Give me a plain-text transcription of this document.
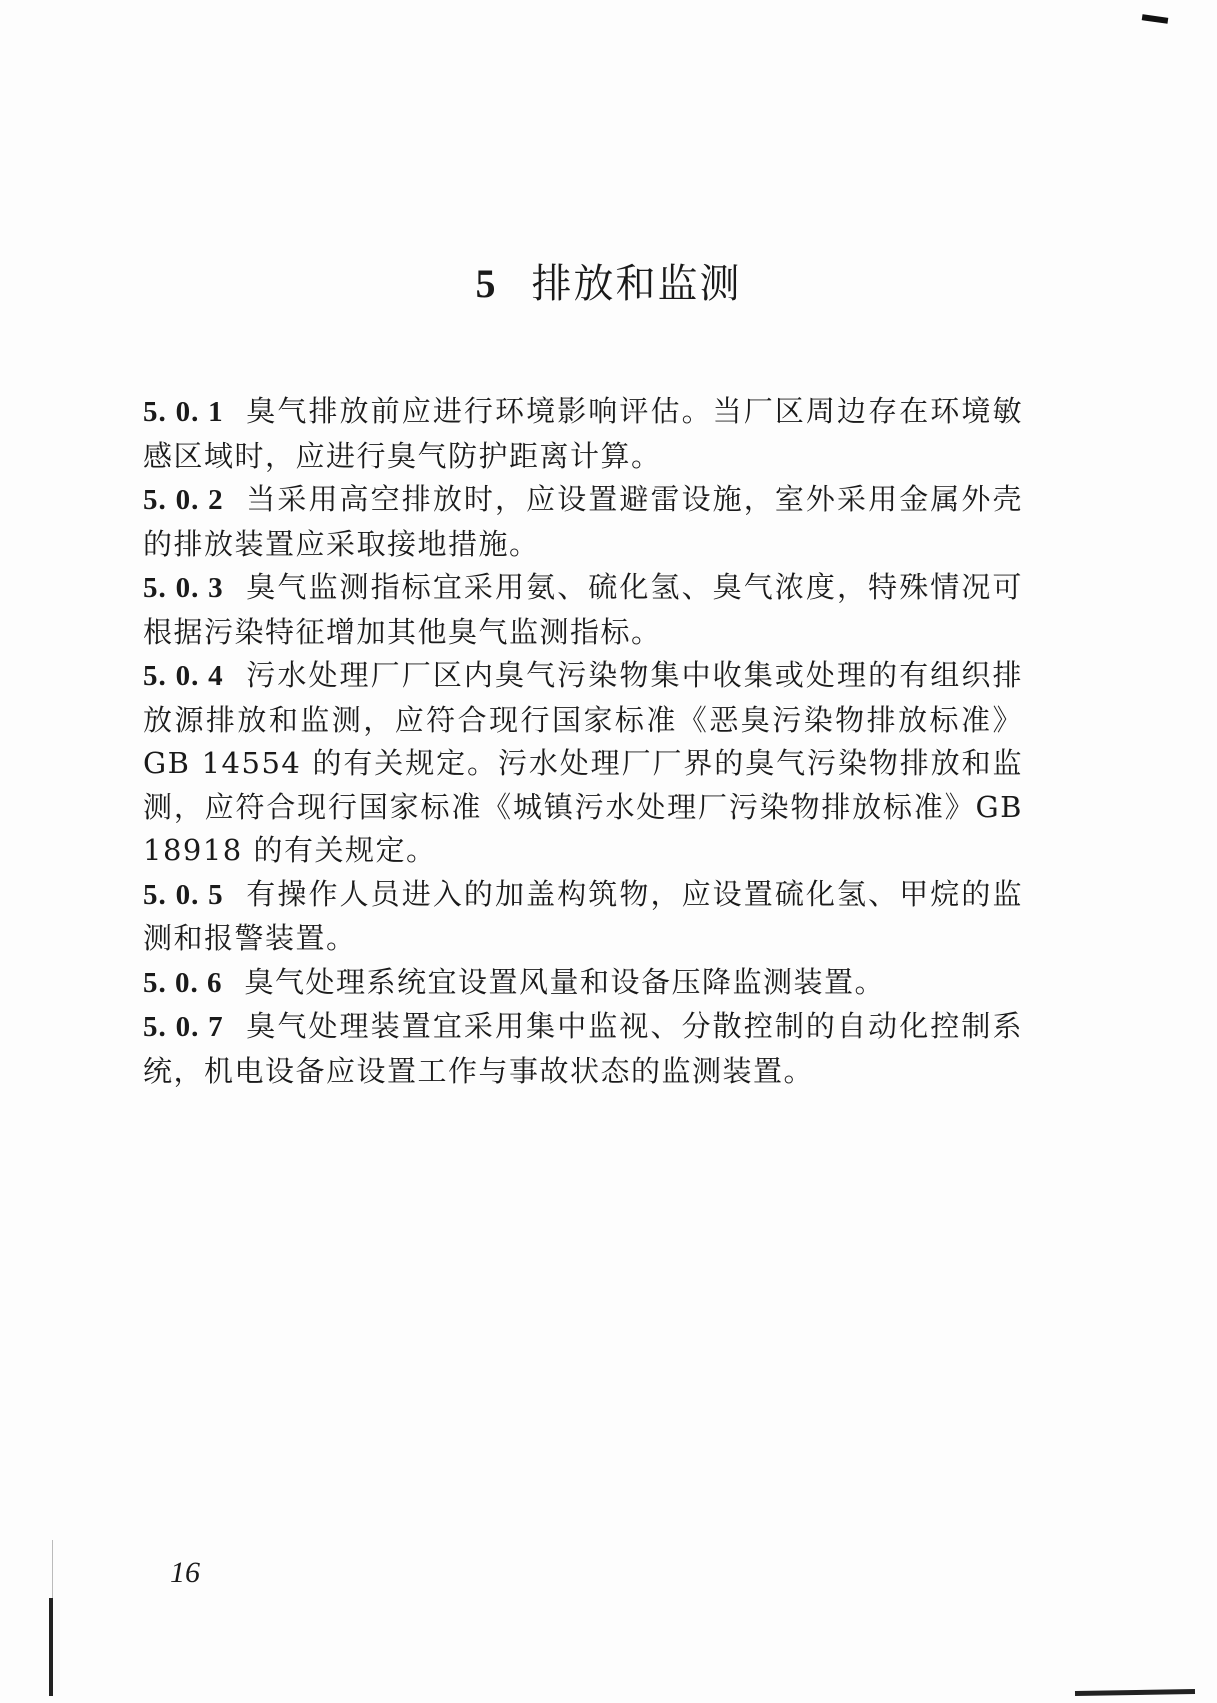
5 排放和监测

5. 0. 1 臭气排放前应进行环境影响评估。当厂区周边存在环境敏感区域时，应进行臭气防护距离计算。

5. 0. 2 当采用高空排放时，应设置避雷设施，室外采用金属外壳的排放装置应采取接地措施。

5. 0. 3 臭气监测指标宜采用氨、硫化氢、臭气浓度，特殊情况可根据污染特征增加其他臭气监测指标。

5. 0. 4 污水处理厂厂区内臭气污染物集中收集或处理的有组织排放源排放和监测，应符合现行国家标准《恶臭污染物排放标准》GB 14554 的有关规定。污水处理厂厂界的臭气污染物排放和监测，应符合现行国家标准《城镇污水处理厂污染物排放标准》GB 18918 的有关规定。

5. 0. 5 有操作人员进入的加盖构筑物，应设置硫化氢、甲烷的监测和报警装置。

5. 0. 6 臭气处理系统宜设置风量和设备压降监测装置。

5. 0. 7 臭气处理装置宜采用集中监视、分散控制的自动化控制系统，机电设备应设置工作与事故状态的监测装置。

16
